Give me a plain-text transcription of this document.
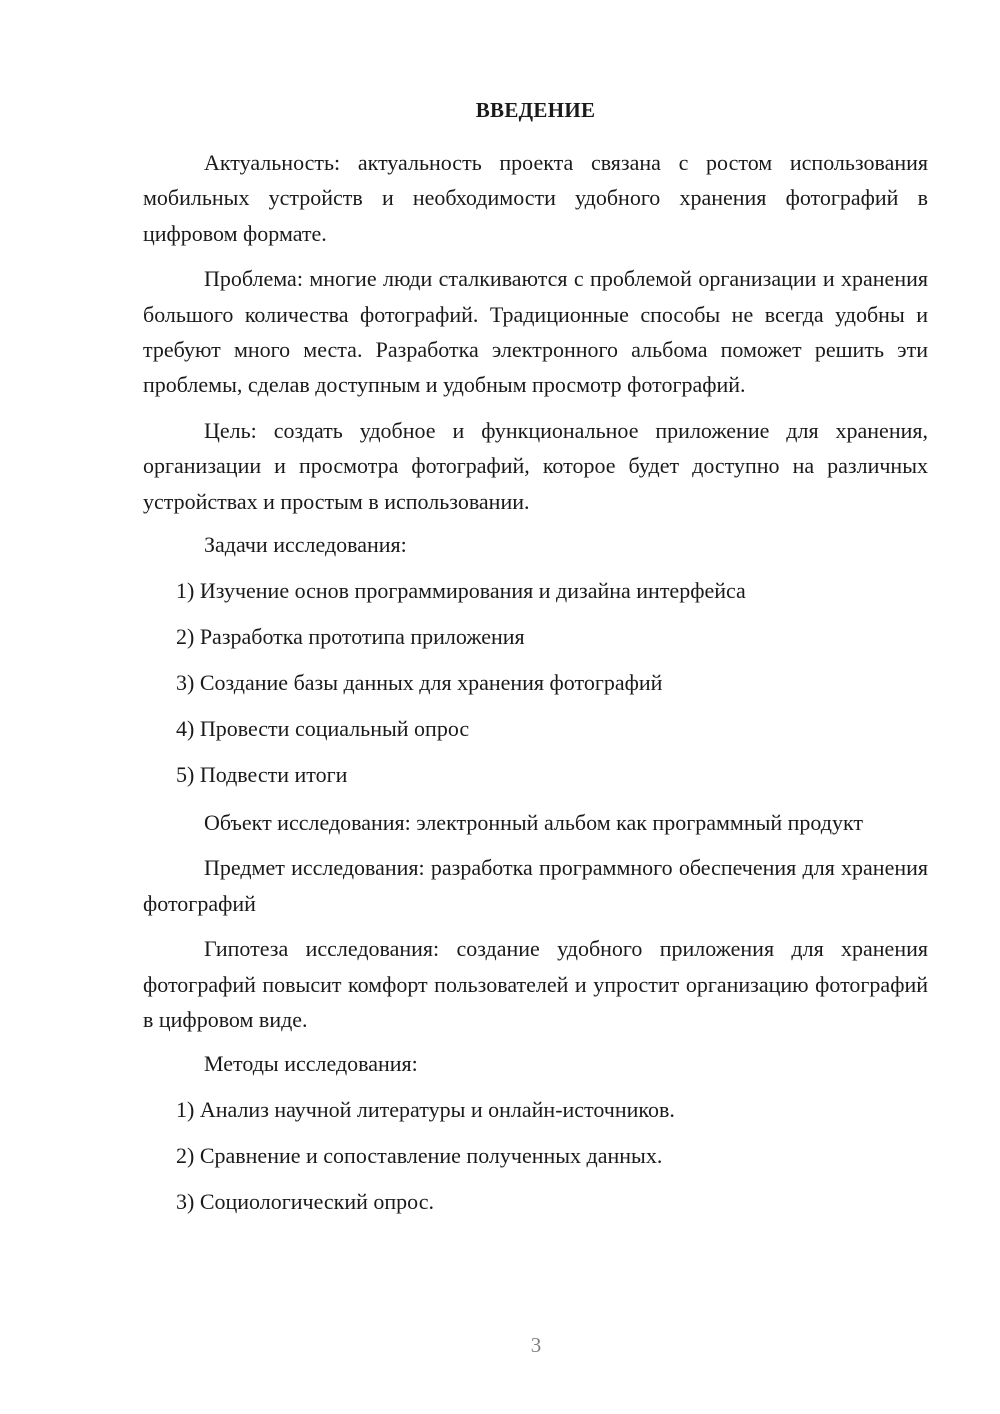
ВВЕДЕНИЕ

Актуальность: актуальность проекта связана с ростом использования мобильных устройств и необходимости удобного хранения фотографий в цифровом формате.

Проблема: многие люди сталкиваются с проблемой организации и хранения большого количества фотографий. Традиционные способы не всегда удобны и требуют много места. Разработка электронного альбома поможет решить эти проблемы, сделав доступным и удобным просмотр фотографий.

Цель: создать удобное и функциональное приложение для хранения, организации и просмотра фотографий, которое будет доступно на различных устройствах и простым в использовании.

Задачи исследования:
1) Изучение основ программирования и дизайна интерфейса
2) Разработка прототипа приложения
3) Создание базы данных для хранения фотографий
4) Провести социальный опрос
5) Подвести итоги

Объект исследования: электронный альбом как программный продукт

Предмет исследования: разработка программного обеспечения для хранения фотографий

Гипотеза исследования: создание удобного приложения для хранения фотографий повысит комфорт пользователей и упростит организацию фотографий в цифровом виде.

Методы исследования:
1) Анализ научной литературы и онлайн-источников.
2) Сравнение и сопоставление полученных данных.
3) Социологический опрос.
3
